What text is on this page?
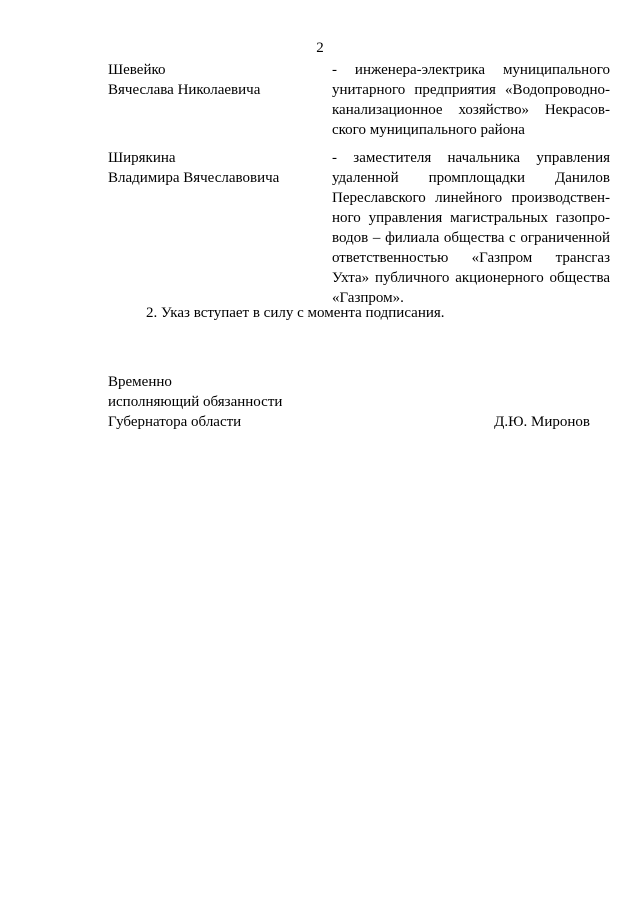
2
Шевейко
Вячеслава Николаевича
- инженера-электрика муниципального
унитарного предприятия «Водопроводно-
канализационное хозяйство» Некрасов-
ского муниципального района
Ширякина
Владимира Вячеславовича
- заместителя начальника управления
удаленной промплощадки Данилов
Переславского линейного производствен-
ного управления магистральных газопро-
водов – филиала общества с ограниченной
ответственностью «Газпром трансгаз
Ухта» публичного акционерного общества
«Газпром».
2. Указ вступает в силу с момента подписания.
Временно
исполняющий обязанности
Губернатора области	Д.Ю. Миронов
